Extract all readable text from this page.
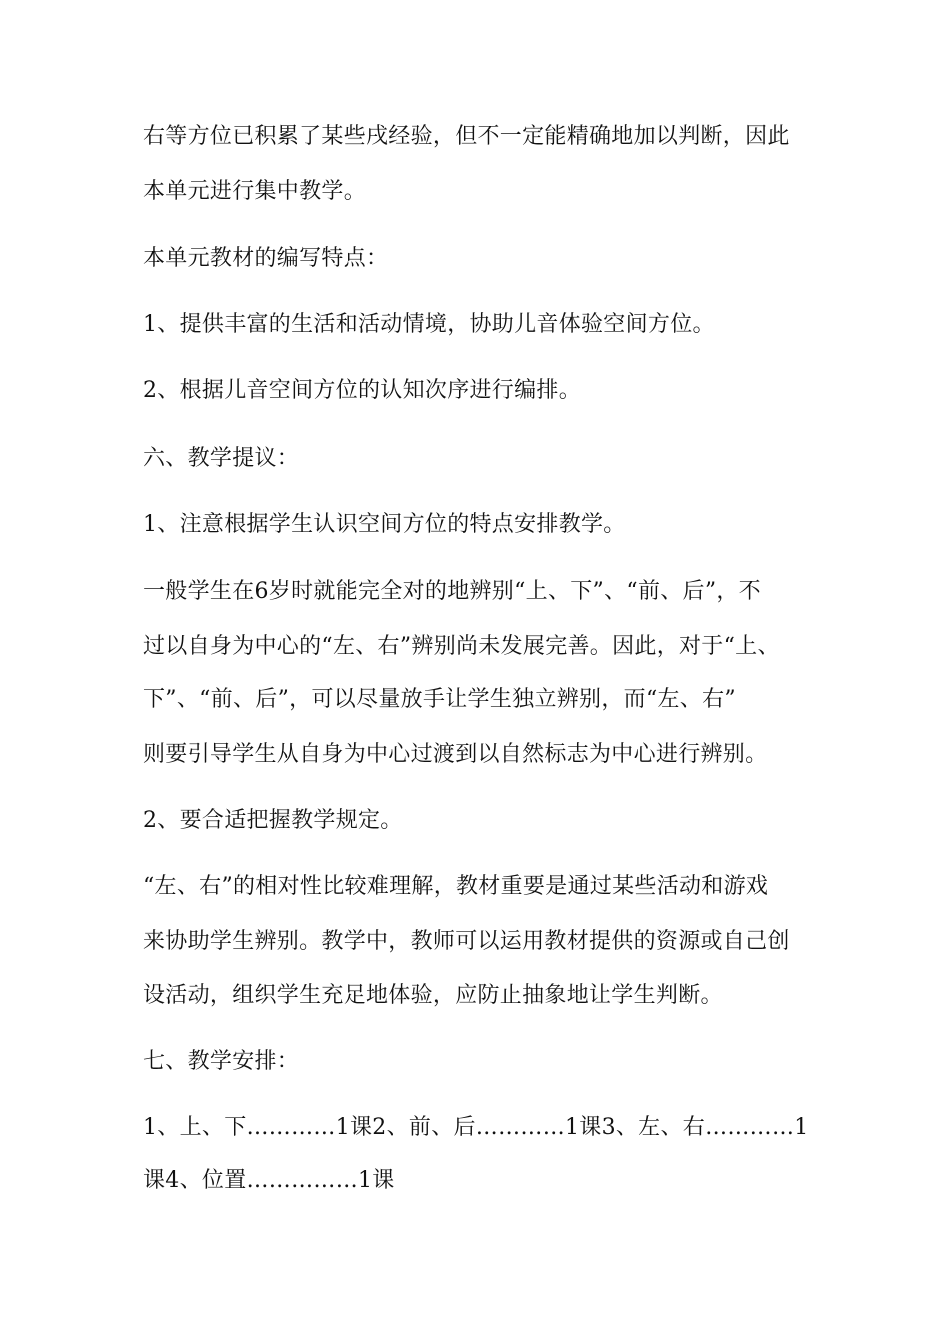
右等方位已积累了某些戌经验，但不一定能精确地加以判断，因此
本单元进行集中教学。
本单元教材的编写特点：
1、提供丰富的生活和活动情境，协助儿音体验空间方位。
2、根据儿音空间方位的认知次序进行编排。
六、教学提议：
1、注意根据学生认识空间方位的特点安排教学。
一般学生在6岁时就能完全对的地辨别“上、下”、“前、后”，不
过以自身为中心的“左、右”辨别尚未发展完善。因此，对于“上、
下”、“前、后”，可以尽量放手让学生独立辨别，而“左、右”
则要引导学生从自身为中心过渡到以自然标志为中心进行辨别。
2、要合适把握教学规定。
“左、右”的相对性比较难理解，教材重要是通过某些活动和游戏
来协助学生辨别。教学中，教师可以运用教材提供的资源或自己创
设活动，组织学生充足地体验，应防止抽象地让学生判断。
七、教学安排：
1、上、下…………1课2、前、后…………1课3、左、右…………1
课4、位置……………1课
